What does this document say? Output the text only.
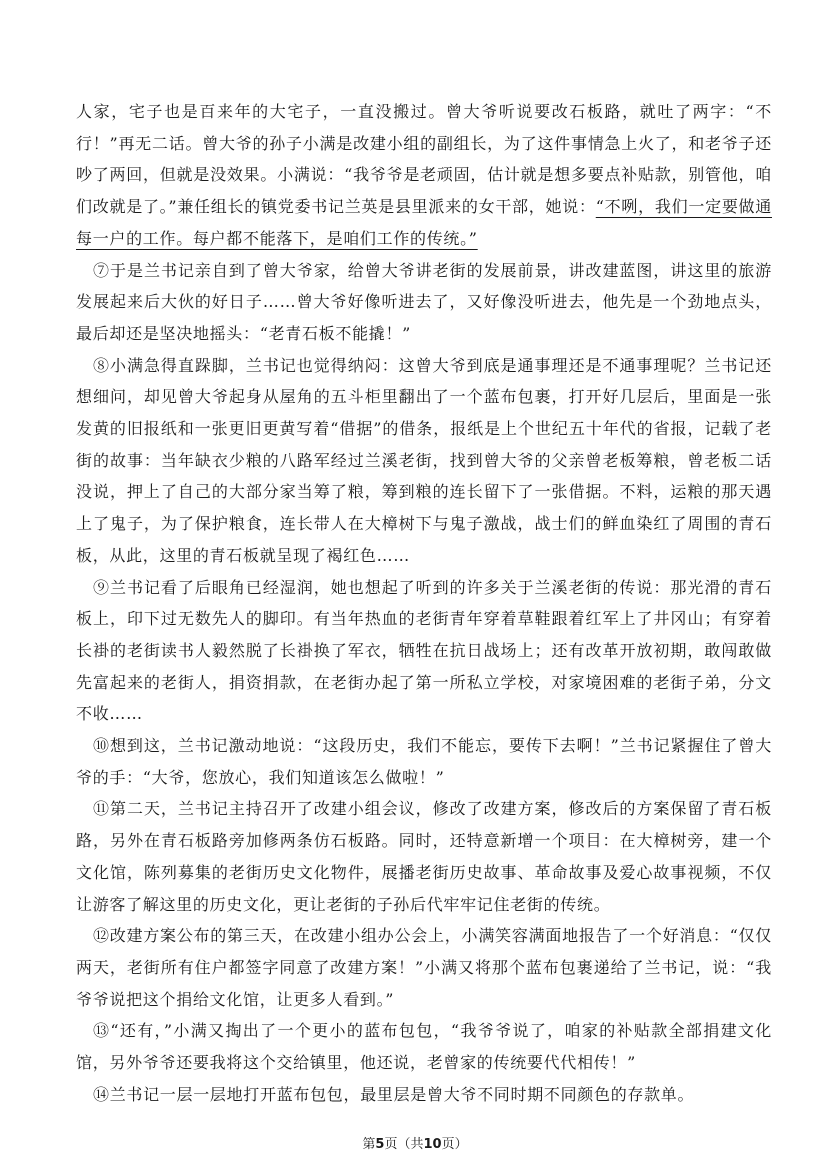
人家，宅子也是百来年的大宅子，一直没搬过。曾大爷听说要改石板路，就吐了两字：“不行！”再无二话。曾大爷的孙子小满是改建小组的副组长，为了这件事情急上火了，和老爷子还吵了两回，但就是没效果。小满说：“我爷爷是老顽固，估计就是想多要点补贴款，别管他，咱们改就是了。”兼任组长的镇党委书记兰英是县里派来的女干部，她说：“不咧，我们一定要做通每一户的工作。每户都不能落下，是咱们工作的传统。”

⑦于是兰书记亲自到了曾大爷家，给曾大爷讲老街的发展前景，讲改建蓝图，讲这里的旅游发展起来后大伙的好日子……曾大爷好像听进去了，又好像没听进去，他先是一个劲地点头，最后却还是坚决地摇头：“老青石板不能撬！”

⑧小满急得直跺脚，兰书记也觉得纳闷：这曾大爷到底是通事理还是不通事理呢？兰书记还想细问，却见曾大爷起身从屋角的五斗柜里翻出了一个蓝布包裹，打开好几层后，里面是一张发黄的旧报纸和一张更旧更黄写着“借据”的借条，报纸是上个世纪五十年代的省报，记载了老街的故事：当年缺衣少粮的八路军经过兰溪老街，找到曾大爷的父亲曾老板筹粮，曾老板二话没说，押上了自己的大部分家当筹了粮，筹到粮的连长留下了一张借据。不料，运粮的那天遇上了鬼子，为了保护粮食，连长带人在大樟树下与鬼子激战，战士们的鲜血染红了周围的青石板，从此，这里的青石板就呈现了褐红色……

⑨兰书记看了后眼角已经湿润，她也想起了听到的许多关于兰溪老街的传说：那光滑的青石板上，印下过无数先人的脚印。有当年热血的老街青年穿着草鞋跟着红军上了井冈山；有穿着长褂的老街读书人毅然脱了长褂换了军衣，牺牲在抗日战场上；还有改革开放初期，敢闯敢做先富起来的老街人，捐资捐款，在老街办起了第一所私立学校，对家境困难的老街子弟，分文不收……

⑩想到这，兰书记激动地说：“这段历史，我们不能忘，要传下去啊！”兰书记紧握住了曾大爷的手：“大爷，您放心，我们知道该怎么做啦！”

⑪第二天，兰书记主持召开了改建小组会议，修改了改建方案，修改后的方案保留了青石板路，另外在青石板路旁加修两条仿石板路。同时，还特意新增一个项目：在大樟树旁，建一个文化馆，陈列募集的老街历史文化物件，展播老街历史故事、革命故事及爱心故事视频，不仅让游客了解这里的历史文化，更让老街的子孙后代牢牢记住老街的传统。

⑫改建方案公布的第三天，在改建小组办公会上，小满笑容满面地报告了一个好消息：“仅仅两天，老街所有住户都签字同意了改建方案！”小满又将那个蓝布包裹递给了兰书记，说：“我爷爷说把这个捐给文化馆，让更多人看到。”

⑬“还有，”小满又掏出了一个更小的蓝布包包，“我爷爷说了，咱家的补贴款全部捐建文化馆，另外爷爷还要我将这个交给镇里，他还说，老曾家的传统要代代相传！”

⑭兰书记一层一层地打开蓝布包包，最里层是曾大爷不同时期不同颜色的存款单。

第5页（共10页）
